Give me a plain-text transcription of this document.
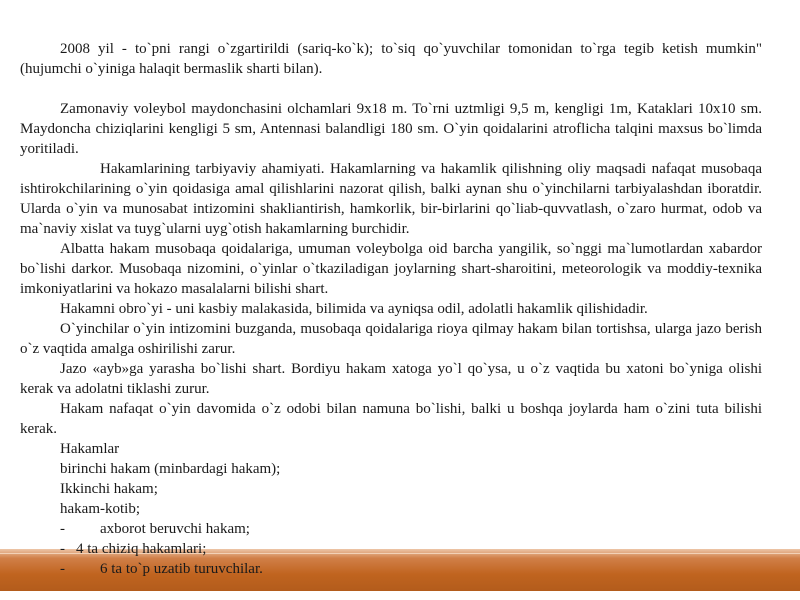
2008 yil - to`pni rangi o`zgartirildi (sariq-ko`k); to`siq qo`yuvchilar tomonidan to`rga tegib ketish mumkin" (hujumchi o`yiniga halaqit bermaslik sharti bilan).

Zamonaviy voleybol maydonchasini olchamlari 9x18 m. To`rni uztmligi 9,5 m, kengligi 1m, Kataklari 10x10 sm. Maydoncha chiziqlarini kengligi 5 sm, Antennasi balandligi 180 sm. O`yin qoidalarini atroflicha talqini maxsus bo`limda yoritiladi.

Hakamlarining tarbiyaviy ahamiyati. Hakamlarning va hakamlik qilishning oliy maqsadi nafaqat musobaqa ishtirokchilarining o`yin qoidasiga amal qilishlarini nazorat qilish, balki aynan shu o`yinchilarni tarbiyalashdan iboratdir. Ularda o`yin va munosabat intizomini shakliantirish, hamkorlik, bir-birlarini qo`liab-quvvatlash, o`zaro hurmat, odob va ma`naviy xislat va tuyg`ularni uyg`otish hakamlarning burchidir.

Albatta hakam musobaqa qoidalariga, umuman voleybolga oid barcha yangilik, so`nggi ma`lumotlardan xabardor bo`lishi darkor. Musobaqa nizomini, o`yinlar o`tkaziladigan joylarning shart-sharoitini, meteorologik va moddiy-texnika imkoniyatlarini va hokazo masalalarni bilishi shart.

Hakamni obro`yi - uni kasbiy malakasida, bilimida va ayniqsa odil, adolatli hakamlik qilishidadir.

O`yinchilar o`yin intizomini buzganda, musobaqa qoidalariga rioya qilmay hakam bilan tortishsa, ularga jazo berish o`z vaqtida amalga oshirilishi zarur.

Jazo «ayb»ga yarasha bo`lishi shart. Bordiyu hakam xatoga yo`l qo`ysa, u o`z vaqtida bu xatoni bo`yniga olishi kerak va adolatni tiklashi zurur.

Hakam nafaqat o`yin davomida o`z odobi bilan namuna bo`lishi, balki u boshqa joylarda ham o`zini tuta bilishi kerak.

Hakamlar

birinchi hakam (minbardagi hakam);

Ikkinchi hakam;

hakam-kotib;

- axborot beruvchi hakam;

- 4 ta chiziq hakamlari;

- 6 ta to`p uzatib turuvchilar.
